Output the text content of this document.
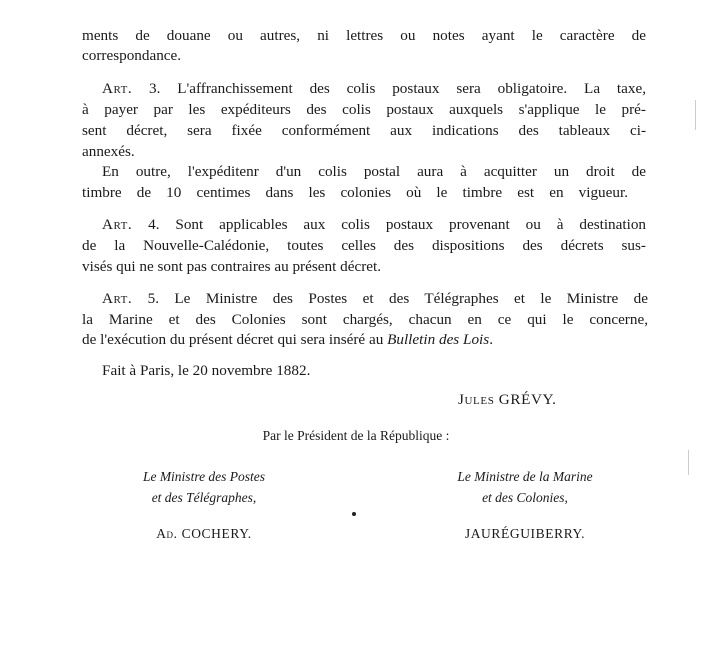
ments de douane ou autres, ni lettres ou notes ayant le caractère de
correspondance.
Art. 3. L'affranchissement des colis postaux sera obligatoire. La taxe,
à payer par les expéditeurs des colis postaux auxquels s'applique le pré-
sent décret, sera fixée conformément aux indications des tableaux ci-
annexés.
En outre, l'expéditenr d'un colis postal aura à acquitter un droit de
timbre de 10 centimes dans les colonies où le timbre est en vigueur.
Art. 4. Sont applicables aux colis postaux provenant ou à destination
de la Nouvelle-Calédonie, toutes celles des dispositions des décrets sus-
visés qui ne sont pas contraires au présent décret.
Art. 5. Le Ministre des Postes et des Télégraphes et le Ministre de
la Marine et des Colonies sont chargés, chacun en ce qui le concerne,
de l'exécution du présent décret qui sera inséré au Bulletin des Lois.
Fait à Paris, le 20 novembre 1882.
Jules GRÉVY.
Par le Président de la République :
Le Ministre des Postes
et des Télégraphes,
Ad. COCHERY.
Le Ministre de la Marine
et des Colonies,
JAURÉGUIBERRY.
